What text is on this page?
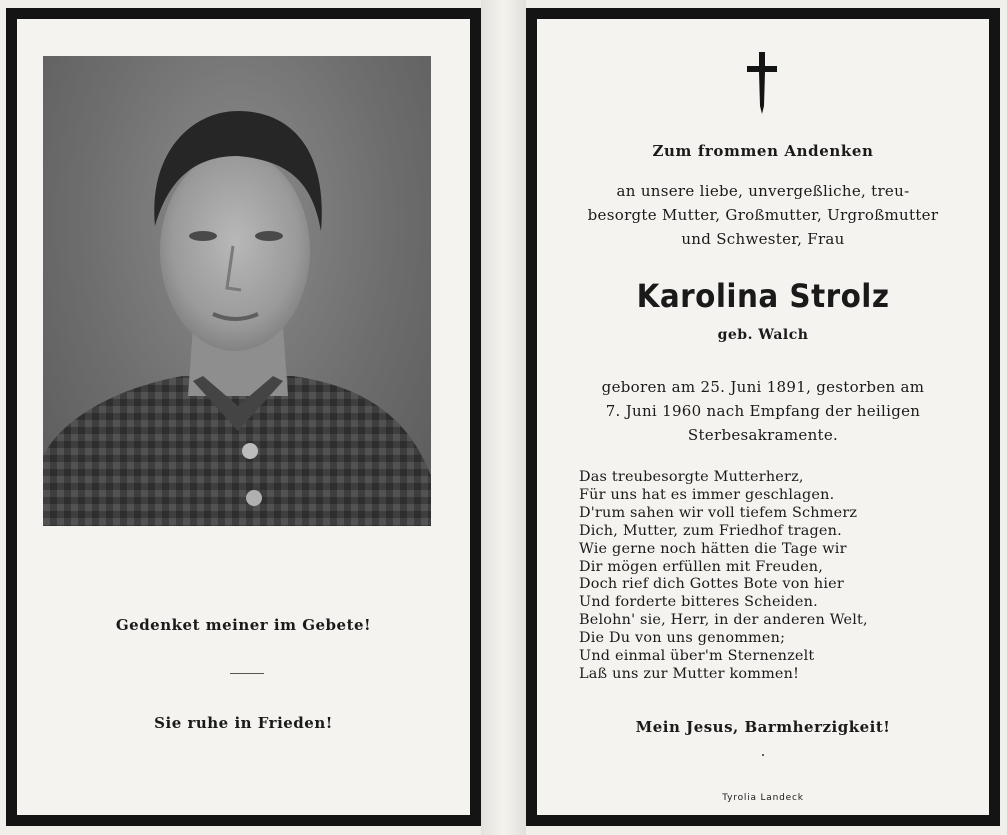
Gedenket meiner im Gebete!
Sie ruhe in Frieden!
Zum frommen Andenken
an unsere liebe, unvergeßliche, treu-
besorgte Mutter, Großmutter, Urgroßmutter
und Schwester, Frau
Karolina Strolz
geb. Walch
geboren am 25. Juni 1891, gestorben am
7. Juni 1960 nach Empfang der heiligen
Sterbesakramente.
Das treubesorgte Mutterherz,
Für uns hat es immer geschlagen.
D'rum sahen wir voll tiefem Schmerz
Dich, Mutter, zum Friedhof tragen.
Wie gerne noch hätten die Tage wir
Dir mögen erfüllen mit Freuden,
Doch rief dich Gottes Bote von hier
Und forderte bitteres Scheiden.
Belohn' sie, Herr, in der anderen Welt,
Die Du von uns genommen;
Und einmal über'm Sternenzelt
Laß uns zur Mutter kommen!
Mein Jesus, Barmherzigkeit!
Tyrolia Landeck
